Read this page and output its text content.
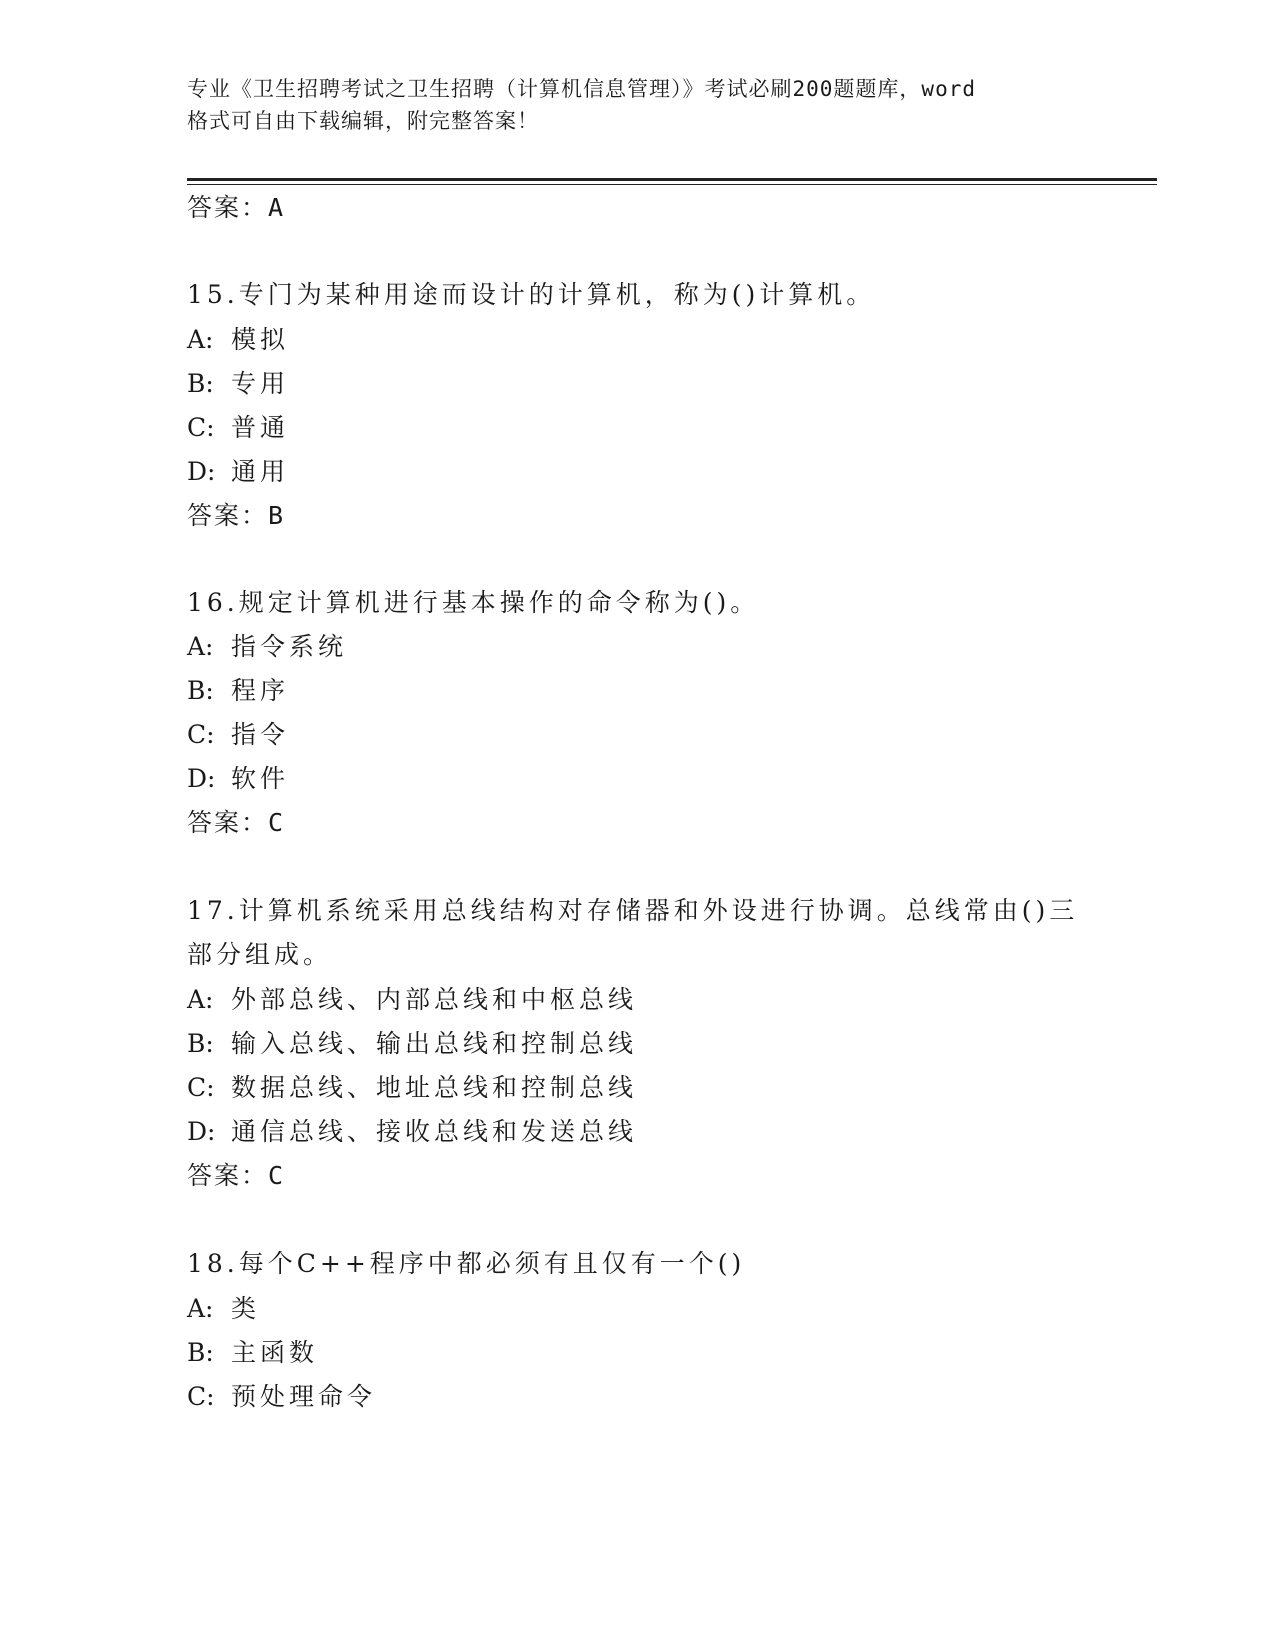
专业《卫生招聘考试之卫生招聘（计算机信息管理）》考试必刷200题题库，word
格式可自由下载编辑，附完整答案！
答案：A
15.专门为某种用途而设计的计算机，称为()计算机。
A: 模拟
B: 专用
C: 普通
D: 通用
答案：B
16.规定计算机进行基本操作的命令称为()。
A: 指令系统
B: 程序
C: 指令
D: 软件
答案：C
17.计算机系统采用总线结构对存储器和外设进行协调。总线常由()三
部分组成。
A: 外部总线、内部总线和中枢总线
B: 输入总线、输出总线和控制总线
C: 数据总线、地址总线和控制总线
D: 通信总线、接收总线和发送总线
答案：C
18.每个C++程序中都必须有且仅有一个()
A: 类
B: 主函数
C: 预处理命令
